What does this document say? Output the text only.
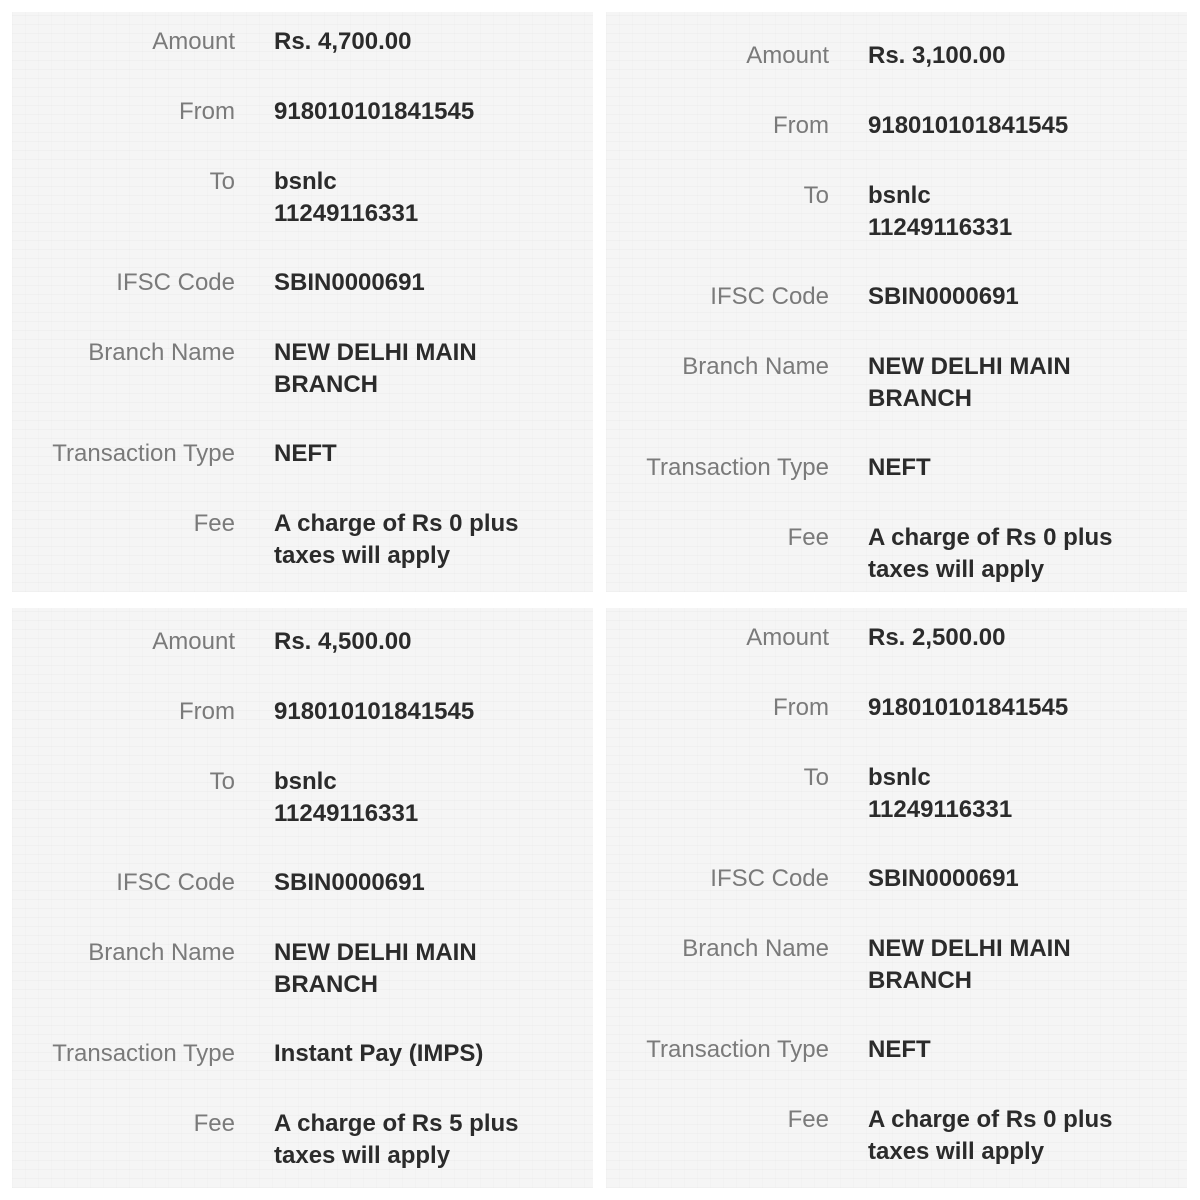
Amount Rs. 4,700.00
From 918010101841545
To bsnlc
11249116331
IFSC Code SBIN0000691
Branch Name NEW DELHI MAIN
BRANCH
Transaction Type NEFT
Fee A charge of Rs 0 plus
taxes will apply
Amount Rs. 3,100.00
From 918010101841545
To bsnlc
11249116331
IFSC Code SBIN0000691
Branch Name NEW DELHI MAIN
BRANCH
Transaction Type NEFT
Fee A charge of Rs 0 plus
taxes will apply
Amount Rs. 4,500.00
From 918010101841545
To bsnlc
11249116331
IFSC Code SBIN0000691
Branch Name NEW DELHI MAIN
BRANCH
Transaction Type Instant Pay (IMPS)
Fee A charge of Rs 5 plus
taxes will apply
Amount Rs. 2,500.00
From 918010101841545
To bsnlc
11249116331
IFSC Code SBIN0000691
Branch Name NEW DELHI MAIN
BRANCH
Transaction Type NEFT
Fee A charge of Rs 0 plus
taxes will apply
